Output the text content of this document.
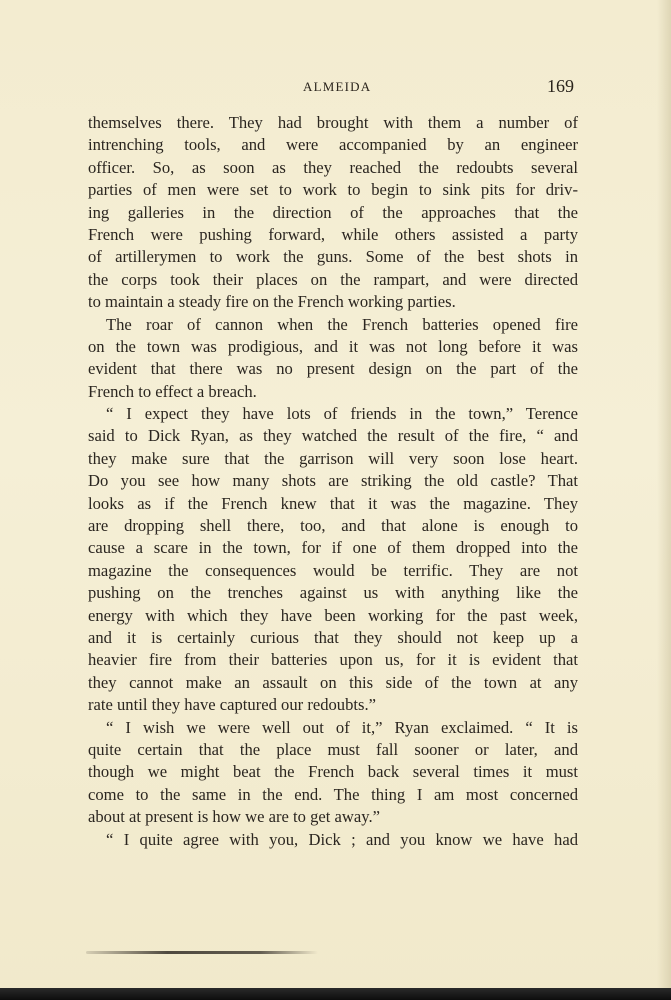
ALMEIDA	169
themselves there. They had brought with them a number of
intrenching tools, and were accompanied by an engineer
officer. So, as soon as they reached the redoubts several
parties of men were set to work to begin to sink pits for driv-
ing galleries in the direction of the approaches that the
French were pushing forward, while others assisted a party
of artillerymen to work the guns. Some of the best shots in
the corps took their places on the rampart, and were directed
to maintain a steady fire on the French working parties.
The roar of cannon when the French batteries opened fire
on the town was prodigious, and it was not long before it was
evident that there was no present design on the part of the
French to effect a breach.
“ I expect they have lots of friends in the town,” Terence
said to Dick Ryan, as they watched the result of the fire, “ and
they make sure that the garrison will very soon lose heart.
Do you see how many shots are striking the old castle? That
looks as if the French knew that it was the magazine. They
are dropping shell there, too, and that alone is enough to
cause a scare in the town, for if one of them dropped into the
magazine the consequences would be terrific. They are not
pushing on the trenches against us with anything like the
energy with which they have been working for the past week,
and it is certainly curious that they should not keep up a
heavier fire from their batteries upon us, for it is evident that
they cannot make an assault on this side of the town at any
rate until they have captured our redoubts.”
“ I wish we were well out of it,” Ryan exclaimed. “ It is
quite certain that the place must fall sooner or later, and
though we might beat the French back several times it must
come to the same in the end. The thing I am most concerned
about at present is how we are to get away.”
“ I quite agree with you, Dick ; and you know we have had
